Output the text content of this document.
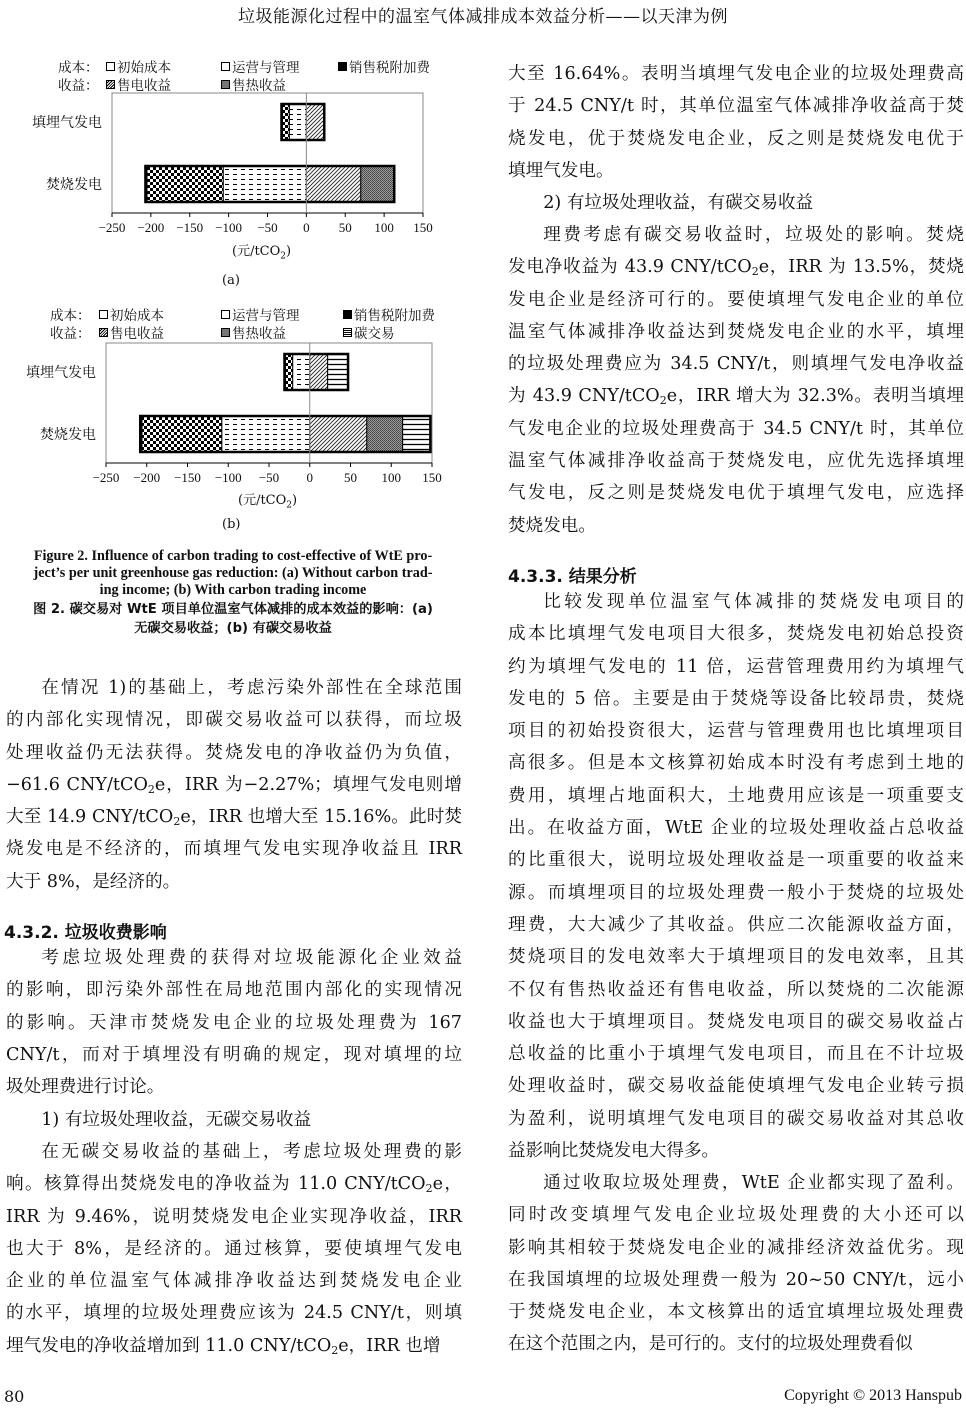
垃圾能源化过程中的温室气体减排成本效益分析——以天津为例
成本：
收益：
初始成本	运营与管理	销售税附加费
售电收益	售热收益
−250 −200 −150 −100 −50 0 50 100 150
填埋气发电
焚烧发电
(元/tCO$_2$)
(a)
成本：
收益：
初始成本	运营与管理	销售税附加费
售电收益	售热收益	碳交易
−250 −200 −150 −100 −50 0 50 100 150
填埋气发电
焚烧发电
(元/tCO$_2$)
(b)
Figure 2. Influence of carbon trading to cost-effective of WtE pro-
ject’s per unit greenhouse gas reduction: (a) Without carbon trad-
ing income; (b) With carbon trading income
图 2. 碳交易对 WtE 项目单位温室气体减排的成本效益的影响：(a)
无碳交易收益；(b) 有碳交易收益
在情况 1)的基础上，考虑污染外部性在全球范围
的内部化实现情况，即碳交易收益可以获得，而垃圾
处理收益仍无法获得。焚烧发电的净收益仍为负值，
−61.6 CNY/tCO$_2$e，IRR 为−2.27%；填埋气发电则增
大至 14.9 CNY/tCO$_2$e，IRR 也增大至 15.16%。此时焚
烧发电是不经济的，而填埋气发电实现净收益且 IRR
大于 8%，是经济的。
4.3.2. 垃圾收费影响
考虑垃圾处理费的获得对垃圾能源化企业效益
的影响，即污染外部性在局地范围内部化的实现情况
的影响。天津市焚烧发电企业的垃圾处理费为 167
CNY/t，而对于填埋没有明确的规定，现对填埋的垃
圾处理费进行讨论。
1) 有垃圾处理收益，无碳交易收益
在无碳交易收益的基础上，考虑垃圾处理费的影
响。核算得出焚烧发电的净收益为 11.0 CNY/tCO$_2$e，
IRR 为 9.46%，说明焚烧发电企业实现净收益，IRR
也大于 8%，是经济的。通过核算，要使填埋气发电
企业的单位温室气体减排净收益达到焚烧发电企业
的水平，填埋的垃圾处理费应该为 24.5 CNY/t，则填
埋气发电的净收益增加到 11.0 CNY/tCO$_2$e，IRR 也增
大至 16.64%。表明当填埋气发电企业的垃圾处理费高
于 24.5 CNY/t 时，其单位温室气体减排净收益高于焚
烧发电，优于焚烧发电企业，反之则是焚烧发电优于
填埋气发电。
2) 有垃圾处理收益，有碳交易收益
理费考虑有碳交易收益时，垃圾处的影响。焚烧
发电净收益为 43.9 CNY/tCO$_2$e，IRR 为 13.5%，焚烧
发电企业是经济可行的。要使填埋气发电企业的单位
温室气体减排净收益达到焚烧发电企业的水平，填埋
的垃圾处理费应为 34.5 CNY/t，则填埋气发电净收益
为 43.9 CNY/tCO$_2$e，IRR 增大为 32.3%。表明当填埋
气发电企业的垃圾处理费高于 34.5 CNY/t 时，其单位
温室气体减排净收益高于焚烧发电，应优先选择填埋
气发电，反之则是焚烧发电优于填埋气发电，应选择
焚烧发电。
4.3.3. 结果分析
比较发现单位温室气体减排的焚烧发电项目的
成本比填埋气发电项目大很多，焚烧发电初始总投资
约为填埋气发电的 11 倍，运营管理费用约为填埋气
发电的 5 倍。主要是由于焚烧等设备比较昂贵，焚烧
项目的初始投资很大，运营与管理费用也比填埋项目
高很多。但是本文核算初始成本时没有考虑到土地的
费用，填埋占地面积大，土地费用应该是一项重要支
出。在收益方面，WtE 企业的垃圾处理收益占总收益
的比重很大，说明垃圾处理收益是一项重要的收益来
源。而填埋项目的垃圾处理费一般小于焚烧的垃圾处
理费，大大减少了其收益。供应二次能源收益方面，
焚烧项目的发电效率大于填埋项目的发电效率，且其
不仅有售热收益还有售电收益，所以焚烧的二次能源
收益也大于填埋项目。焚烧发电项目的碳交易收益占
总收益的比重小于填埋气发电项目，而且在不计垃圾
处理收益时，碳交易收益能使填埋气发电企业转亏损
为盈利，说明填埋气发电项目的碳交易收益对其总收
益影响比焚烧发电大得多。
通过收取垃圾处理费，WtE 企业都实现了盈利。
同时改变填埋气发电企业垃圾处理费的大小还可以
影响其相较于焚烧发电企业的减排经济效益优劣。现
在我国填埋的垃圾处理费一般为 20~50 CNY/t，远小
于焚烧发电企业，本文核算出的适宜填埋垃圾处理费
在这个范围之内，是可行的。支付的垃圾处理费看似
80	Copyright © 2013 Hanspub
